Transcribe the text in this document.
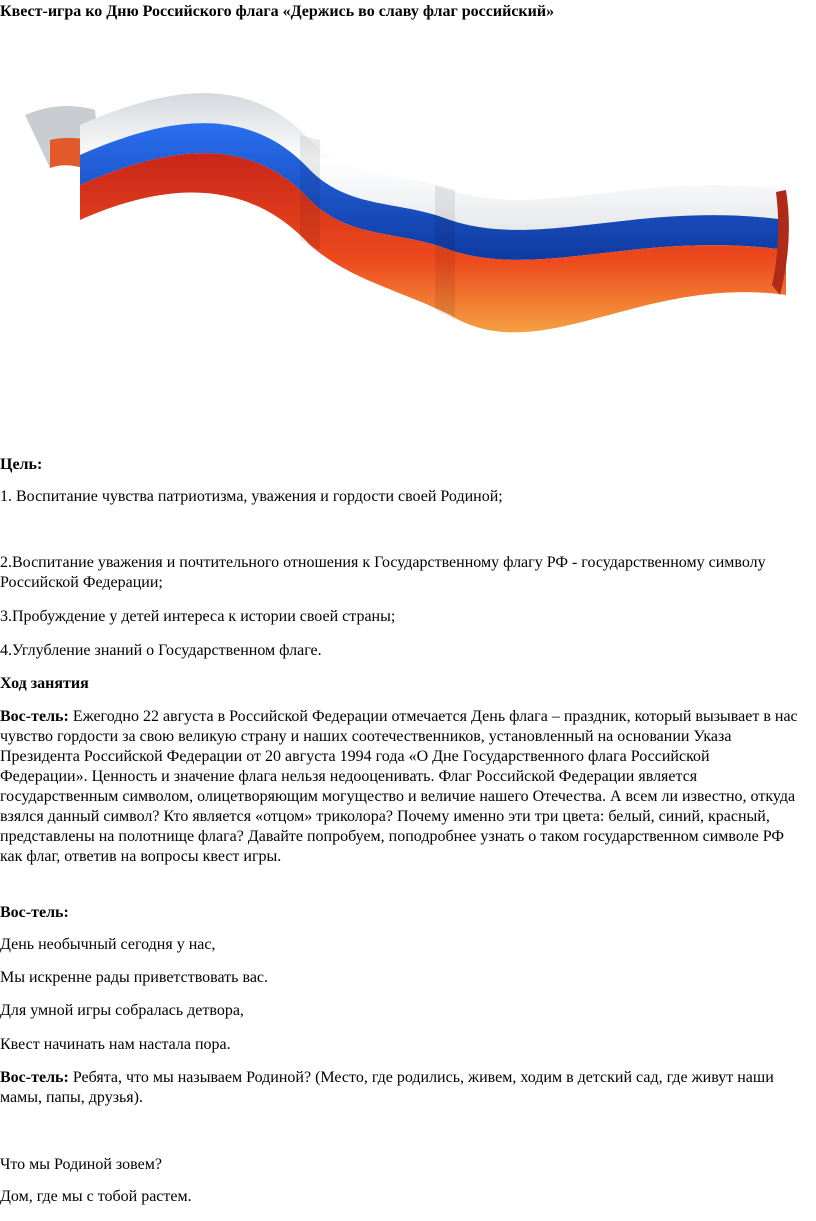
Квест-игра ко Дню Российского флага «Держись во славу флаг российский»

Цель:

1. Воспитание чувства патриотизма, уважения и гордости своей Родиной;

2.Воспитание уважения и почтительного отношения к Государственному флагу РФ - государственному символу Российской Федерации;

3.Пробуждение у детей интереса к истории своей страны;

4.Углубление знаний о Государственном флаге.

Ход занятия

Вос-тель: Ежегодно 22 августа в Российской Федерации отмечается День флага – праздник, который вызывает в нас чувство гордости за свою великую страну и наших соотечественников, установленный на основании Указа Президента Российской Федерации от 20 августа 1994 года «О Дне Государственного флага Российской Федерации». Ценность и значение флага нельзя недооценивать. Флаг Российской Федерации является государственным символом, олицетворяющим могущество и величие нашего Отечества. А всем ли известно, откуда взялся данный символ? Кто является «отцом» триколора? Почему именно эти три цвета: белый, синий, красный, представлены на полотнище флага? Давайте попробуем, поподробнее узнать о таком государственном символе РФ как флаг, ответив на вопросы квест игры.

Вос-тель:

День необычный сегодня у нас,

Мы искренне рады приветствовать вас.

Для умной игры собралась детвора,

Квест начинать нам настала пора.

Вос-тель: Ребята, что мы называем Родиной? (Место, где родились, живем, ходим в детский сад, где живут наши мамы, папы, друзья).

Что мы Родиной зовем?

Дом, где мы с тобой растем.
